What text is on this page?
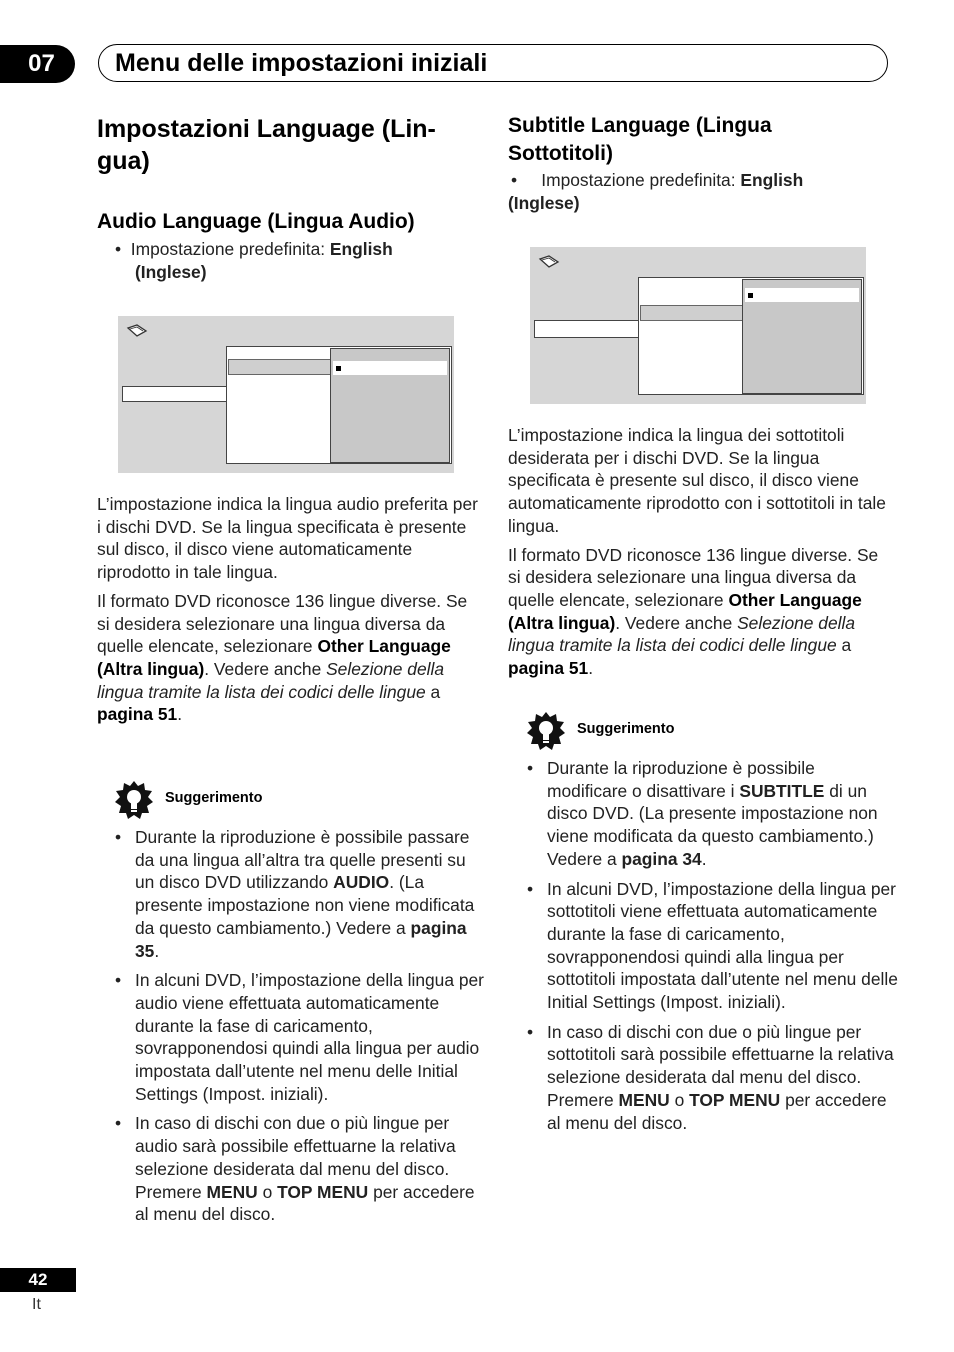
07 Menu delle impostazioni iniziali
Impostazioni Language (Lin-
gua)
Audio Language (Lingua Audio)
•  Impostazione predefinita: English
(Inglese)

L’impostazione indica la lingua audio preferita per i dischi DVD. Se la lingua specificata è presente sul disco, il disco viene automaticamente riprodotto in tale lingua.

Il formato DVD riconosce 136 lingue diverse. Se si desidera selezionare una lingua diversa da quelle elencate, selezionare Other Language (Altra lingua). Vedere anche Selezione della lingua tramite la lista dei codici delle lingue a pagina 51.

Suggerimento
• Durante la riproduzione è possibile passare da una lingua all’altra tra quelle presenti su un disco DVD utilizzando AUDIO. (La presente impostazione non viene modificata da questo cambiamento.) Vedere a pagina 35.
• In alcuni DVD, l’impostazione della lingua per audio viene effettuata automaticamente durante la fase di caricamento, sovrapponendosi quindi alla lingua per audio impostata dall’utente nel menu delle Initial Settings (Impost. iniziali).
• In caso di dischi con due o più lingue per audio sarà possibile effettuarne la relativa selezione desiderata dal menu del disco. Premere MENU o TOP MENU per accedere al menu del disco.
Subtitle Language (Lingua
Sottotitoli)
•     Impostazione predefinita: English
(Inglese)

L’impostazione indica la lingua dei sottotitoli desiderata per i dischi DVD. Se la lingua specificata è presente sul disco, il disco viene automaticamente riprodotto con i sottotitoli in tale lingua.

Il formato DVD riconosce 136 lingue diverse. Se si desidera selezionare una lingua diversa da quelle elencate, selezionare Other Language (Altra lingua). Vedere anche Selezione della lingua tramite la lista dei codici delle lingue a pagina 51.

Suggerimento
• Durante la riproduzione è possibile modificare o disattivare i SUBTITLE di un disco DVD. (La presente impostazione non viene modificata da questo cambiamento.) Vedere a pagina 34.
• In alcuni DVD, l’impostazione della lingua per sottotitoli viene effettuata automaticamente durante la fase di caricamento, sovrapponendosi quindi alla lingua per sottotitoli impostata dall’utente nel menu delle Initial Settings (Impost. iniziali).
• In caso di dischi con due o più lingue per sottotitoli sarà possibile effettuarne la relativa selezione desiderata dal menu del disco. Premere MENU o TOP MENU per accedere al menu del disco.
42
It
